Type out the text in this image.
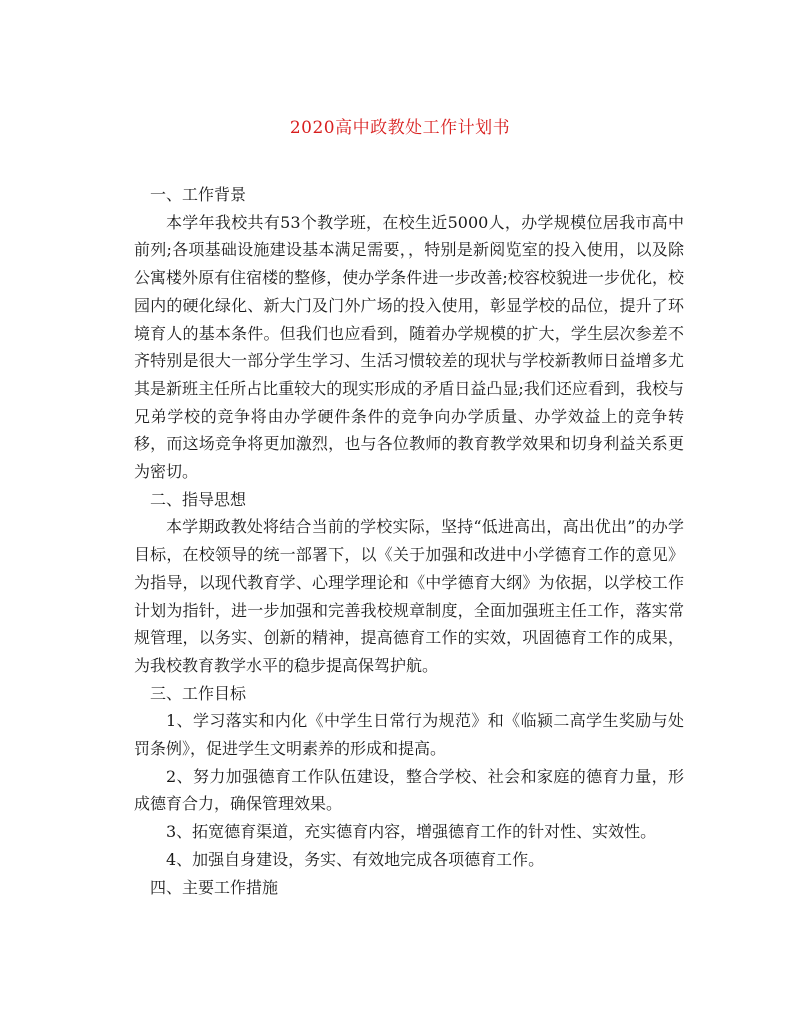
2020高中政教处工作计划书

一、工作背景

本学年我校共有53个教学班，在校生近5000人，办学规模位居我市高中前列;各项基础设施建设基本满足需要，，特别是新阅览室的投入使用，以及除公寓楼外原有住宿楼的整修，使办学条件进一步改善;校容校貌进一步优化，校园内的硬化绿化、新大门及门外广场的投入使用，彰显学校的品位，提升了环境育人的基本条件。但我们也应看到，随着办学规模的扩大，学生层次参差不齐特别是很大一部分学生学习、生活习惯较差的现状与学校新教师日益增多尤其是新班主任所占比重较大的现实形成的矛盾日益凸显;我们还应看到，我校与兄弟学校的竞争将由办学硬件条件的竞争向办学质量、办学效益上的竞争转移，而这场竞争将更加激烈，也与各位教师的教育教学效果和切身利益关系更为密切。

二、指导思想

本学期政教处将结合当前的学校实际，坚持“低进高出，高出优出”的办学目标，在校领导的统一部署下，以《关于加强和改进中小学德育工作的意见》为指导，以现代教育学、心理学理论和《中学德育大纲》为依据，以学校工作计划为指针，进一步加强和完善我校规章制度，全面加强班主任工作，落实常规管理，以务实、创新的精神，提高德育工作的实效，巩固德育工作的成果，为我校教育教学水平的稳步提高保驾护航。

三、工作目标

1、学习落实和内化《中学生日常行为规范》和《临颍二高学生奖励与处罚条例》，促进学生文明素养的形成和提高。

2、努力加强德育工作队伍建设，整合学校、社会和家庭的德育力量，形成德育合力，确保管理效果。

3、拓宽德育渠道，充实德育内容，增强德育工作的针对性、实效性。

4、加强自身建设，务实、有效地完成各项德育工作。

四、主要工作措施
